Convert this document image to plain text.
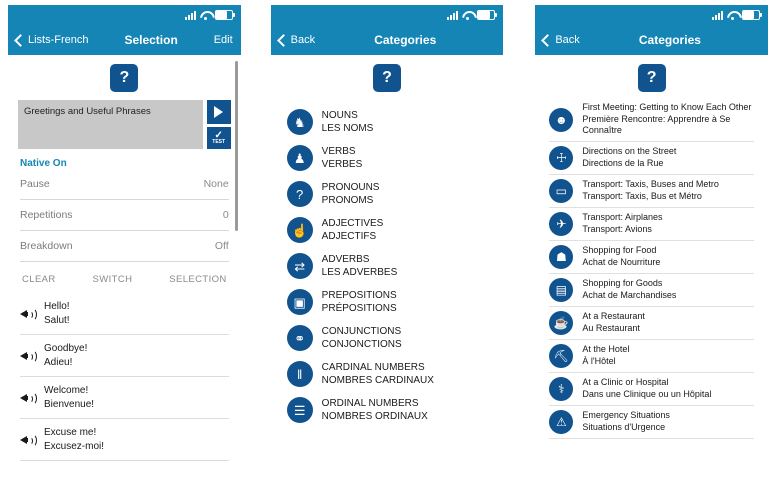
Lists-French	Selection	Edit
?
Greetings and Useful Phrases
✓
TEST
Native On
Pause	None
Repetitions	0
Breakdown	Off
CLEAR	SWITCH	SELECTION
Hello!
Salut!
Goodbye!
Adieu!
Welcome!
Bienvenue!
Excuse me!
Excusez-moi!
Back	Categories
?
♞	NOUNS
LES NOMS
♟	VERBS
VERBES
?	PRONOUNS
PRONOMS
☝	ADJECTIVES
ADJECTIFS
⇄	ADVERBS
LES ADVERBES
▣	PREPOSITIONS
PRÉPOSITIONS
⚭	CONJUNCTIONS
CONJONCTIONS
‖	CARDINAL NUMBERS
NOMBRES CARDINAUX
☰	ORDINAL NUMBERS
NOMBRES ORDINAUX
Back	Categories
?
☻
First Meeting: Getting to Know Each Other
Première Rencontre: Apprendre à Se Connaître
☩	Directions on the Street
Directions de la Rue
▭	Transport: Taxis, Buses and Metro
Transport: Taxis, Bus et Métro
✈	Transport: Airplanes
Transport: Avions
☗	Shopping for Food
Achat de Nourriture
▤	Shopping for Goods
Achat de Marchandises
☕	At a Restaurant
Au Restaurant
⛏	At the Hotel
À l'Hôtel
⚕	At a Clinic or Hospital
Dans une Clinique ou un Hôpital
⚠	Emergency Situations
Situations d'Urgence
